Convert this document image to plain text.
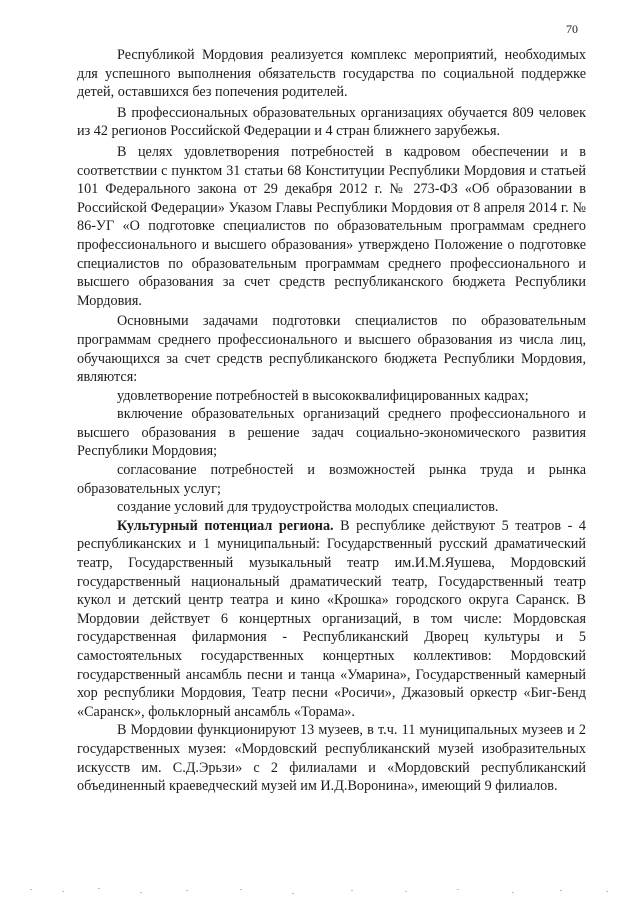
70

Республикой Мордовия реализуется комплекс мероприятий, необходимых для успешного выполнения обязательств государства по социальной поддержке детей, оставшихся без попечения родителей.

В профессиональных образовательных организациях обучается 809 человек из 42 регионов Российской Федерации и 4 стран ближнего зарубежья.

В целях удовлетворения потребностей в кадровом обеспечении и в соответствии с пунктом 31 статьи 68 Конституции Республики Мордовия и статьей 101 Федерального закона от 29 декабря 2012 г. № 273-ФЗ «Об образовании в Российской Федерации» Указом Главы Республики Мордовия от 8 апреля 2014 г. № 86-УГ «О подготовке специалистов по образовательным программам среднего профессионального и высшего образования» утверждено Положение о подготовке специалистов по образовательным программам среднего профессионального и высшего образования за счет средств республиканского бюджета Республики Мордовия.

Основными задачами подготовки специалистов по образовательным программам среднего профессионального и высшего образования из числа лиц, обучающихся за счет средств республиканского бюджета Республики Мордовия, являются:

удовлетворение потребностей в высококвалифицированных кадрах;

включение образовательных организаций среднего профессионального и высшего образования в решение задач социально-экономического развития Республики Мордовия;

согласование потребностей и возможностей рынка труда и рынка образовательных услуг;

создание условий для трудоустройства молодых специалистов.

Культурный потенциал региона. В республике действуют 5 театров - 4 республиканских и 1 муниципальный: Государственный русский драматический театр, Государственный музыкальный театр им.И.М.Яушева, Мордовский государственный национальный драматический театр, Государственный театр кукол и детский центр театра и кино «Крошка» городского округа Саранск. В Мордовии действует 6 концертных организаций, в том числе: Мордовская государственная филармония - Республиканский Дворец культуры и 5 самостоятельных государственных концертных коллективов: Мордовский государственный ансамбль песни и танца «Умарина», Государственный камерный хор республики Мордовия, Театр песни «Росичи», Джазовый оркестр «Биг-Бенд «Саранск», фольклорный ансамбль «Торама».

В Мордовии функционируют 13 музеев, в т.ч. 11 муниципальных музеев и 2 государственных музея: «Мордовский республиканский музей изобразительных искусств им. С.Д.Эрьзи» с 2 филиалами и «Мордовский республиканский объединенный краеведческий музей им И.Д.Воронина», имеющий 9 филиалов.
